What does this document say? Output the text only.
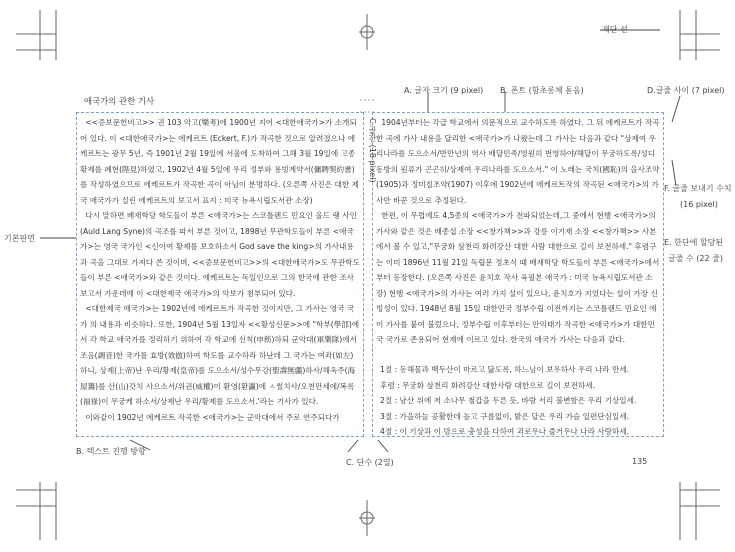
재단 선
A. 글자 크기 (9 pixel) B. 폰트 (함초롱체 돋음)	D.글줄 사이 (7 pixel)
C.글간 (18 pixel)
F. 글줄 보내기 수치
(16 pixel)
E. 한단에 할당된
글줄 수 (22 줄)
기본판면
B. 텍스트 진행 방향
C. 단수 (2열)	135
애국가의 관한 기사

<<증보문헌비고>> 권 103 악고(樂考)에 1900년 지어 <대한애국가>가 소개되어 있다. 이 <대한애국가>는 에케르트 (Eckert, F.)가 작곡한 것으로 알려졌으나 에케르트는 광무 5년, 즉 1901년 2월 19일에 서울에 도착하여 그해 3월 19일에 고종황제를 폐현(陛見)하였고, 1902년 4월 5일에 우리 정부와 용빙계약서(傭聘契約書)를 작성하였으므로 에케르트가 작곡한 곡이 아님이 분명하다. (오른쪽 사진은 대한 제국 애국가가 실린 에케르트의 보고서 표지 : 미국 뉴욕시립도서관 소장)

다시 말하면 배재학당 학도들이 부른 <애국가>는 스코틀랜드 민요인 올드 랭 사인(Auld Lang Syne)의 곡조를 따서 부른 것이고, 1898년 무관학도들이 부른 <애국가>는 영국 국가인 <신이여 황제를 보호하소서 God save the king>의 가사내용과 곡을 그대로 가져다 쓴 것이며, <<증보문헌비고>>의 <대한애국가>도 무관학도들이 부른 <애국가>와 같은 것이다. 에케르트는 독일인으로 그의 한국에 관한 조사보고서 가운데에 이 <대한제국 애국가>의 악보가 첨부되어 있다.

<대한제국 애국가>는 1902년에 에케르트가 작곡한 것이지만, 그 가사는 영국 국가 의 내용과 비슷하다. 또한, 1904년 5월 13일자 <<황성신문>>에 "학부(學部)에서 각 학교 애국가를 정리하기 위하여 각 학교에 신칙(申飭)하되 군악대(軍樂隊)에서 조음(調音)한 국가를 효방(效倣)하여 학도를 교수하라 하난데 그 국가는 여좌(如左)하니, 상제(上帝)난 우리/황제(皇帝)를 도으소서/성수무강(聖壽無疆)하사/해옥주(海屋籌)를 산(山)갓치 사으소서/위권(威權)이 환영(환瀛)에 ㅅ썰치사/오천만세에/복록(福祿)이 무궁케 하소서/상제난 우리/황제를 도으소서.'라는 기사가 있다.

이와같이 1902년 에케르트 작곡한 <애국가>는 군악대에서 주로 연주되다가

1904년부터는 각급 학교에서 의문적으로 교수하도록 하였다. 그 뒤 에케르트가 작곡한 곡에 가사 내용을 달리한 <애국가>가 나왔는데 그 가사는 다음과 같다 "상제여 우리나라를 도으소서/반만년의 역사 배달민족/영원히 번영하야/해달이 무궁하도록/성디동방의 원류가 곤곤히/상제여 우리나라를 도으소서." 이 노래는 국치(國恥)의 을사조약(1905)과 정미칠조약(1907) 이후에 1902년에 에케르트작의 작곡된 <애국가>의 가사만 바꾼 것으로 추정된다.

한편, 이 무렵에도 4,5종의 <애국가>가 전파되었는데,그 중에서 현행 <애국가>의 가사와 같은 것은 배종섭 소장 <<창가책>>과 강릉 이기재 소장 <<창가책>> 사본에서 볼 수 있고,"무궁화 삼천리 화려강산 대한 사람 대한으로 길이 보전하세." 후렴구는 이미 1896년 11월 21일 독립문 정초식 때 배재학당 학도들이 부른 <애국가>에서부터 등장한다. (오른쪽 사진은 윤치호 작사 육필본 애국가 : 미국 뉴욕시립도서관 소장) 현행 <애국가>의 가사는 여러 가지 설이 있으나, 윤치호가 지었다는 설이 가장 신빙성이 있다. 1948년 8월 15일 대한민국 정부수립 이전까지는 스코틀랜드 민요인 에 이 가사를 붙여 불렀으나, 정부수립 이후부터는 안익태가 작곡한 <애국가>가 대한민국 국가로 존용되어 현재에 이르고 있다. 한국의 애국가 가사는 다음과 같다.

1절 : 동해물과 백두산이 마르고 닳도록, 하느님이 보우하사 우리 나라 만세.

후렴 : 무궁화 삼천리 화려강산 대한사람 대한으로 길이 보전하세.

2절 : 남산 위에 저 소나무 철갑을 두른 듯, 바람 서리 불변함은 우리 기상일세.

3절 : 가을하늘 공활한데 높고 구름없이, 밝은 달은 우리 가슴 일편단심일세.

4절 : 이 기상과 이 맘으로 충성을 다하여 괴로우나 즐거우나 나라 사랑하세.
